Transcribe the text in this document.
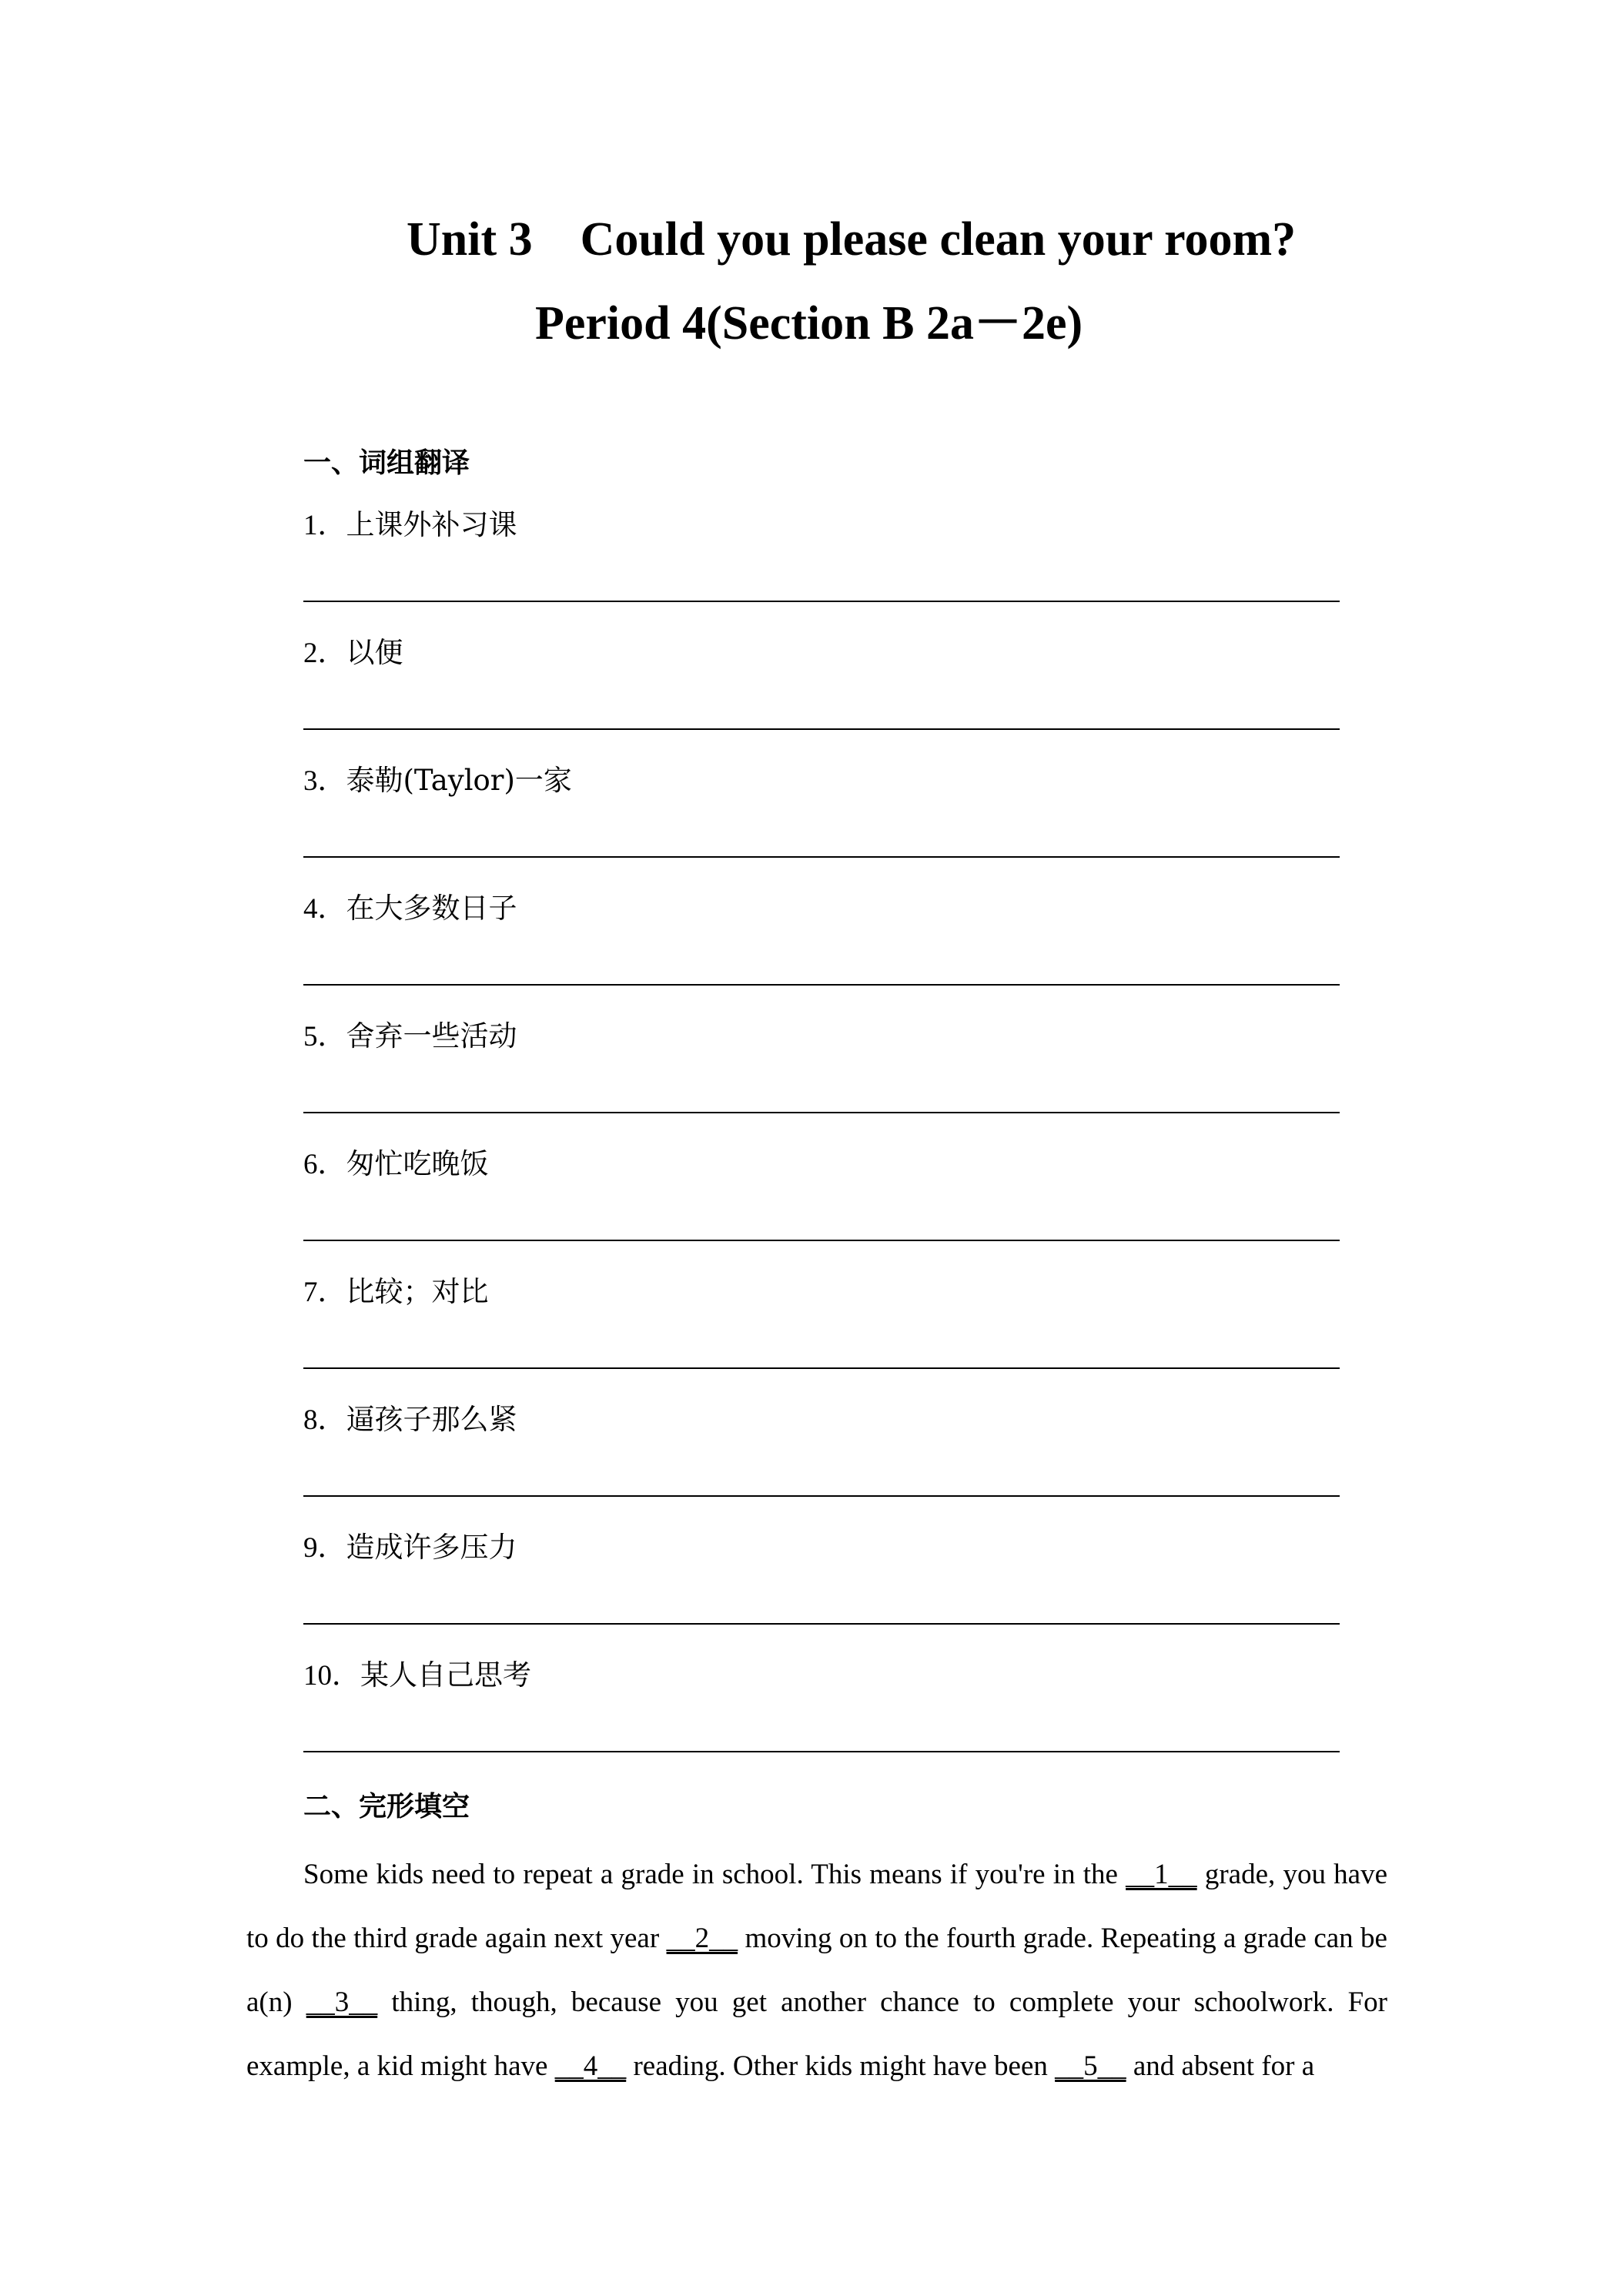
Unit 3    Could you please clean your room?
Period 4(Section B 2a－2e)
一、词组翻译
1．上课外补习课
2．以便
3．泰勒(Taylor)一家
4．在大多数日子
5．舍弃一些活动
6．匆忙吃晚饭
7．比较；对比
8．逼孩子那么紧
9．造成许多压力
10．某人自己思考
二、完形填空
Some kids need to repeat a grade in school. This means if you're in the __1__ grade, you have to do the third grade again next year __2__ moving on to the fourth grade. Repeating a grade can be a(n) __3__ thing, though, because you get another chance to complete your schoolwork. For example, a kid might have __4__ reading. Other kids might have been __5__ and absent for a
